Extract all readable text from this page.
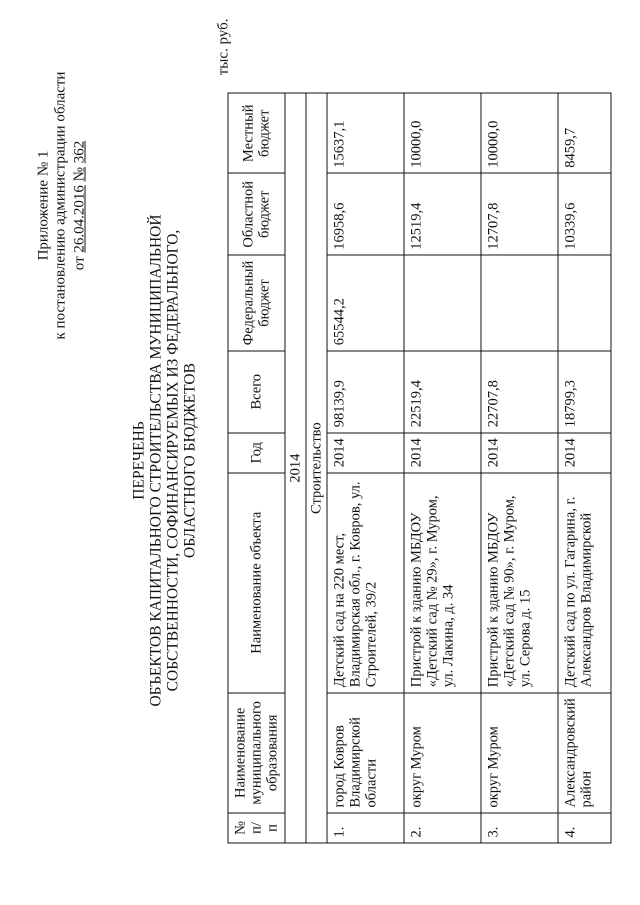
Приложение № 1 к постановлению администрации области от 26.04.2016 № 362
ПЕРЕЧЕНЬ ОБЪЕКТОВ КАПИТАЛЬНОГО СТРОИТЕЛЬСТВА МУНИЦИПАЛЬНОЙ СОБСТВЕННОСТИ, СОФИНАНСИРУЕМЫХ ИЗ ФЕДЕРАЛЬНОГО, ОБЛАСТНОГО БЮДЖЕТОВ
тыс. руб.
№ п/п	Наименование муниципального образования	Наименование объекта	Год	Всего	Федеральный бюджет	Областной бюджет	Местный бюджет
2014							
Строительство							
1.	город Ковров Владимирской области	Детский сад на 220 мест, Владимирская обл., г. Ковров, ул. Строителей, 39/2	2014	98139,9	65544,2	16958,6	15637,1
2.	округ Муром	Пристрой к зданию МБДОУ «Детский сад № 29», г. Муром, ул. Лакина, д. 34	2014	22519,4		12519,4	10000,0
3.	округ Муром	Пристрой к зданию МБДОУ «Детский сад № 90», г. Муром, ул. Серова д. 15	2014	22707,8		12707,8	10000,0
4.	Александровский район	Детский сад по ул. Гагарина, г. Александров Владимирской	2014	18799,3		10339,6	8459,7
